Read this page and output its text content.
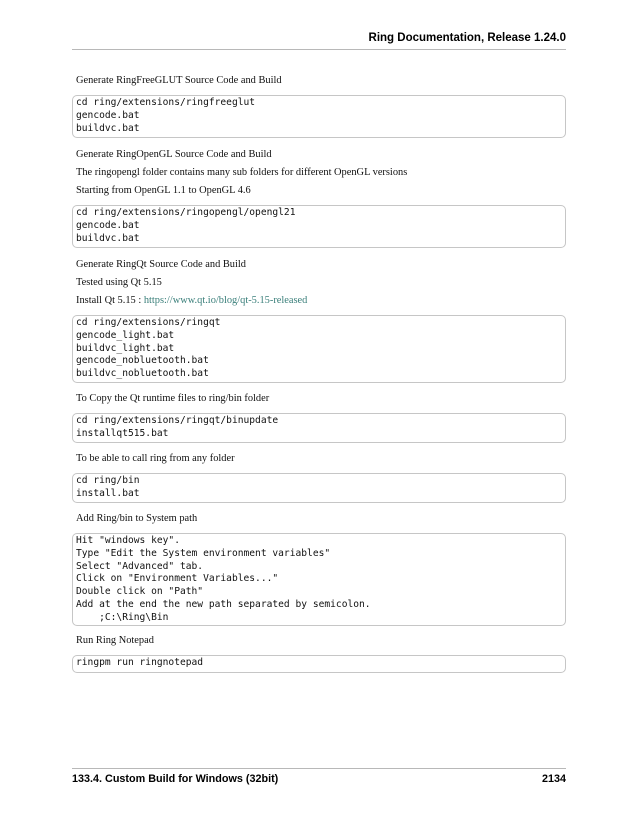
Ring Documentation, Release 1.24.0
Generate RingFreeGLUT Source Code and Build
cd ring/extensions/ringfreeglut
gencode.bat
buildvc.bat
Generate RingOpenGL Source Code and Build
The ringopengl folder contains many sub folders for different OpenGL versions
Starting from OpenGL 1.1 to OpenGL 4.6
cd ring/extensions/ringopengl/opengl21
gencode.bat
buildvc.bat
Generate RingQt Source Code and Build
Tested using Qt 5.15
Install Qt 5.15 : https://www.qt.io/blog/qt-5.15-released
cd ring/extensions/ringqt
gencode_light.bat
buildvc_light.bat
gencode_nobluetooth.bat
buildvc_nobluetooth.bat
To Copy the Qt runtime files to ring/bin folder
cd ring/extensions/ringqt/binupdate
installqt515.bat
To be able to call ring from any folder
cd ring/bin
install.bat
Add Ring/bin to System path
Hit "windows key".
Type "Edit the System environment variables"
Select "Advanced" tab.
Click on "Environment Variables..."
Double click on "Path"
Add at the end the new path separated by semicolon.
;C:\Ring\Bin
Run Ring Notepad
ringpm run ringnotepad
133.4. Custom Build for Windows (32bit)	2134
